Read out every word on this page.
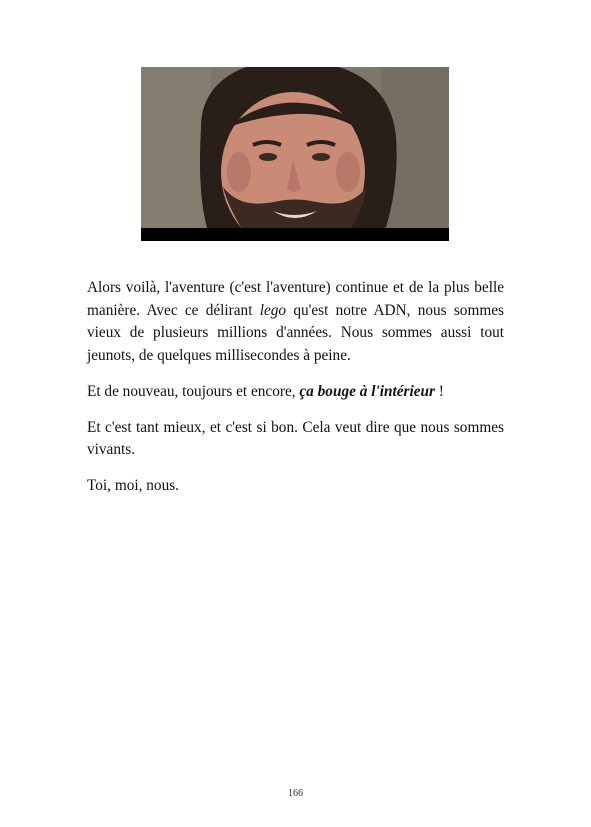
Alors voilà, l'aventure (c'est l'aventure) continue et de la plus belle manière. Avec ce délirant lego qu'est notre ADN, nous sommes vieux de plusieurs millions d'années. Nous sommes aussi tout jeunots, de quelques millisecondes à peine.

Et de nouveau, toujours et encore, ça bouge à l'intérieur !

Et c'est tant mieux, et c'est si bon. Cela veut dire que nous sommes vivants.

Toi, moi, nous.

166
